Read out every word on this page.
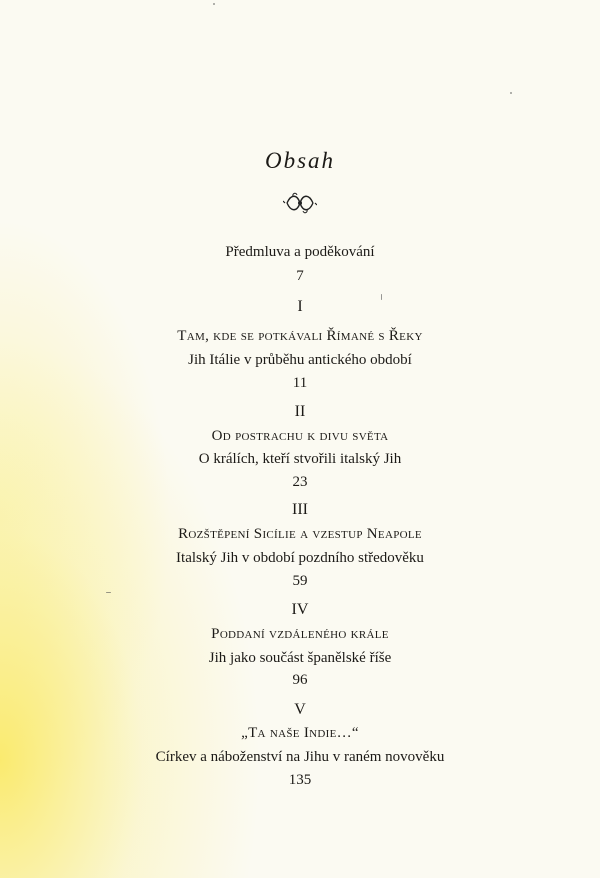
Obsah
Předmluva a poděkování
7
I
Tam, kde se potkávali Římané s Řeky
Jih Itálie v průběhu antického období
11
II
Od postrachu k divu světa
O králích, kteří stvořili italský Jih
23
III
Rozštěpení Sicílie a vzestup Neapole
Italský Jih v období pozdního středověku
59
IV
Poddaní vzdáleného krále
Jih jako součást španělské říše
96
V
„Ta naše Indie…“
Církev a náboženství na Jihu v raném novověku
135
